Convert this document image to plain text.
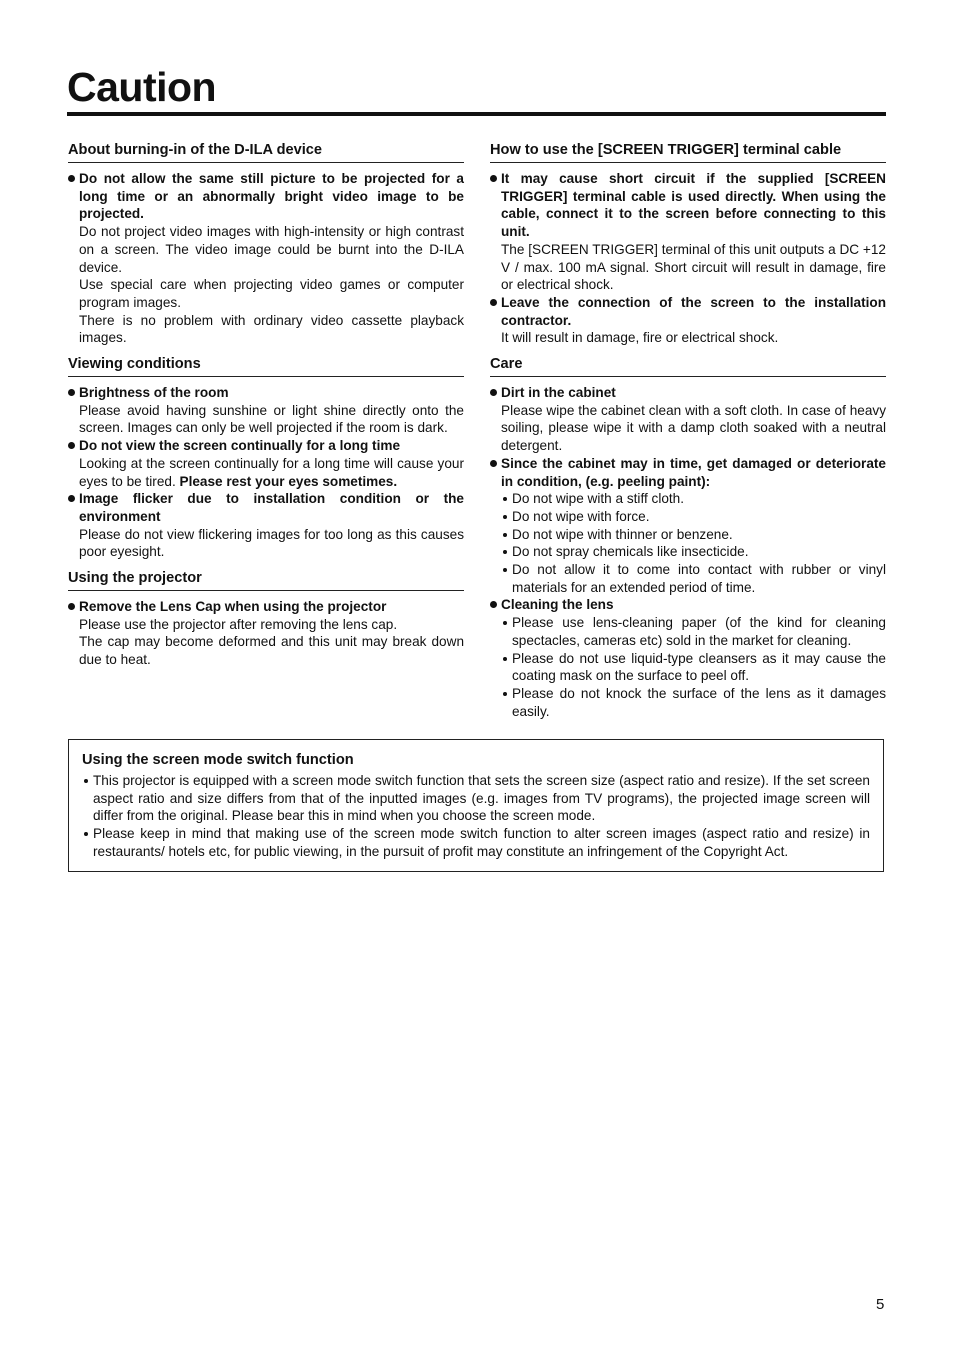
Caution
About burning-in of the D-ILA device
Do not allow the same still picture to be projected for a long time or an abnormally bright video image to be projected.

Do not project video images with high-intensity or high contrast on a screen. The video image could be burnt into the D-ILA device.

Use special care when projecting video games or computer program images.

There is no problem with ordinary video cassette playback images.

Viewing conditions
Brightness of the room

Please avoid having sunshine or light shine directly onto the screen. Images can only be well projected if the room is dark.

Do not view the screen continually for a long time

Looking at the screen continually for a long time will cause your eyes to be tired. Please rest your eyes sometimes.

Image flicker due to installation condition or the environment

Please do not view flickering images for too long as this causes poor eyesight.

Using the projector
Remove the Lens Cap when using the projector

Please use the projector after removing the lens cap.

The cap may become deformed and this unit may break down due to heat.

How to use the [SCREEN TRIGGER] terminal cable
It may cause short circuit if the supplied [SCREEN TRIGGER] terminal cable is used directly. When using the cable, connect it to the screen before connecting to this unit.

The [SCREEN TRIGGER] terminal of this unit outputs a DC +12 V / max. 100 mA signal. Short circuit will result in damage, fire or electrical shock.

Leave the connection of the screen to the installation contractor.

It will result in damage, fire or electrical shock.

Care
Dirt in the cabinet

Please wipe the cabinet clean with a soft cloth. In case of heavy soiling, please wipe it with a damp cloth soaked with a neutral detergent.

Since the cabinet may in time, get damaged or deteriorate in condition, (e.g. peeling paint):
Do not wipe with a stiff cloth.
Do not wipe with force.
Do not wipe with thinner or benzene.
Do not spray chemicals like insecticide.
Do not allow it to come into contact with rubber or vinyl materials for an extended period of time.
Cleaning the lens
Please use lens-cleaning paper (of the kind for cleaning spectacles, cameras etc) sold in the market for cleaning.
Please do not use liquid-type cleansers as it may cause the coating mask on the surface to peel off.
Please do not knock the surface of the lens as it damages easily.
Using the screen mode switch function
This projector is equipped with a screen mode switch function that sets the screen size (aspect ratio and resize). If the set screen aspect ratio and size differs from that of the inputted images (e.g. images from TV programs), the projected image screen will differ from the original. Please bear this in mind when you choose the screen mode.
Please keep in mind that making use of the screen mode switch function to alter screen images (aspect ratio and resize) in restaurants/ hotels etc, for public viewing, in the pursuit of profit may constitute an infringement of the Copyright Act.
5
